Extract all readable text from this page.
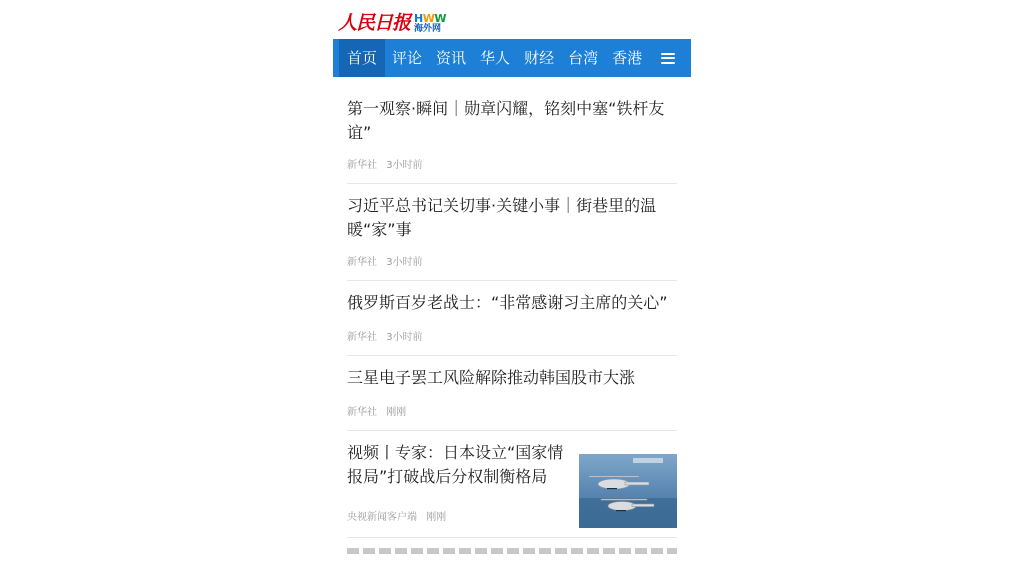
人民日报 HWW
海外网
首页	评论 资讯 华人 财经 台湾 香港

第一观察·瞬间｜勋章闪耀，铭刻中塞“铁杆友谊”

新华社 3小时前

习近平总书记关切事·关键小事｜街巷里的温暖“家”事

新华社 3小时前

俄罗斯百岁老战士：“非常感谢习主席的关心”

新华社 3小时前

三星电子罢工风险解除推动韩国股市大涨

新华社 刚刚

视频丨专家：日本设立“国家情报局”打破战后分权制衡格局

央视新闻客户端 刚刚
